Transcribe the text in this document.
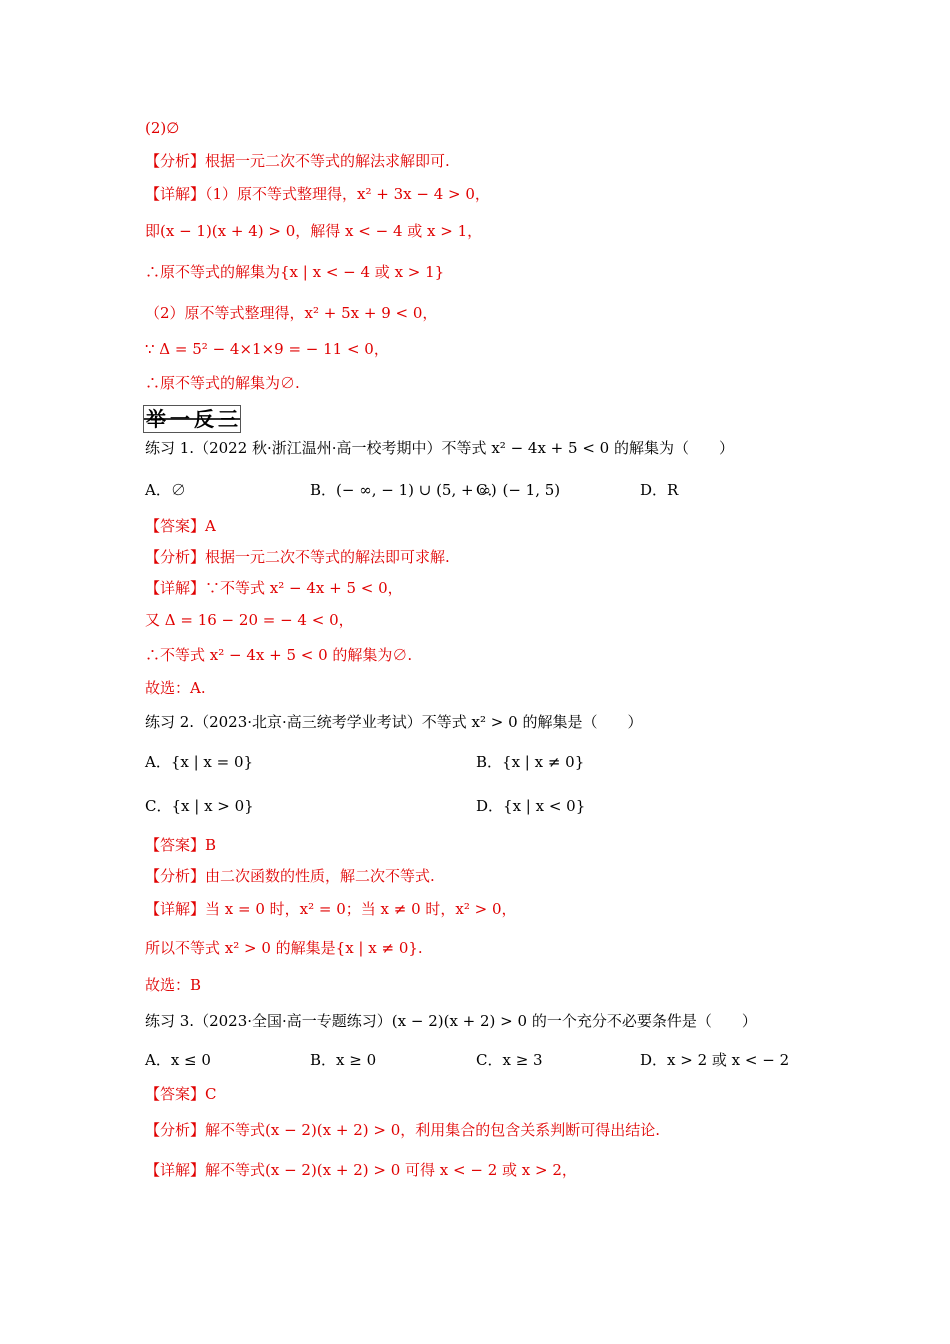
(2)∅
【分析】根据一元二次不等式的解法求解即可.
【详解】（1）原不等式整理得，x² + 3x − 4 > 0，
即(x − 1)(x + 4) > 0，解得 x < − 4 或 x > 1，
∴原不等式的解集为{x | x < − 4 或 x > 1}
（2）原不等式整理得，x² + 5x + 9 < 0，
∵ Δ = 5² − 4×1×9 = − 11 < 0，
∴原不等式的解集为∅.
举 一 反 三
练习 1.（2022 秋·浙江温州·高一校考期中）不等式 x² − 4x + 5 < 0 的解集为（　　）
A．∅	B．(− ∞, − 1) ∪ (5, + ∞)
C．(− 1, 5)	D．R
【答案】A
【分析】根据一元二次不等式的解法即可求解.
【详解】∵不等式 x² − 4x + 5 < 0，
又 Δ = 16 − 20 = − 4 < 0，
∴不等式 x² − 4x + 5 < 0 的解集为∅.
故选：A.
练习 2.（2023·北京·高三统考学业考试）不等式 x² > 0 的解集是（　　）
A．{x | x = 0}	B．{x | x ≠ 0}
C．{x | x > 0}	D．{x | x < 0}
【答案】B
【分析】由二次函数的性质，解二次不等式.
【详解】当 x = 0 时，x² = 0；当 x ≠ 0 时，x² > 0，
所以不等式 x² > 0 的解集是{x | x ≠ 0}.
故选：B
练习 3.（2023·全国·高一专题练习）(x − 2)(x + 2) > 0 的一个充分不必要条件是（　　）
A．x ≤ 0	B．x ≥ 0	C．x ≥ 3	D．x > 2 或 x < − 2
【答案】C
【分析】解不等式(x − 2)(x + 2) > 0，利用集合的包含关系判断可得出结论.
【详解】解不等式(x − 2)(x + 2) > 0 可得 x < − 2 或 x > 2，
